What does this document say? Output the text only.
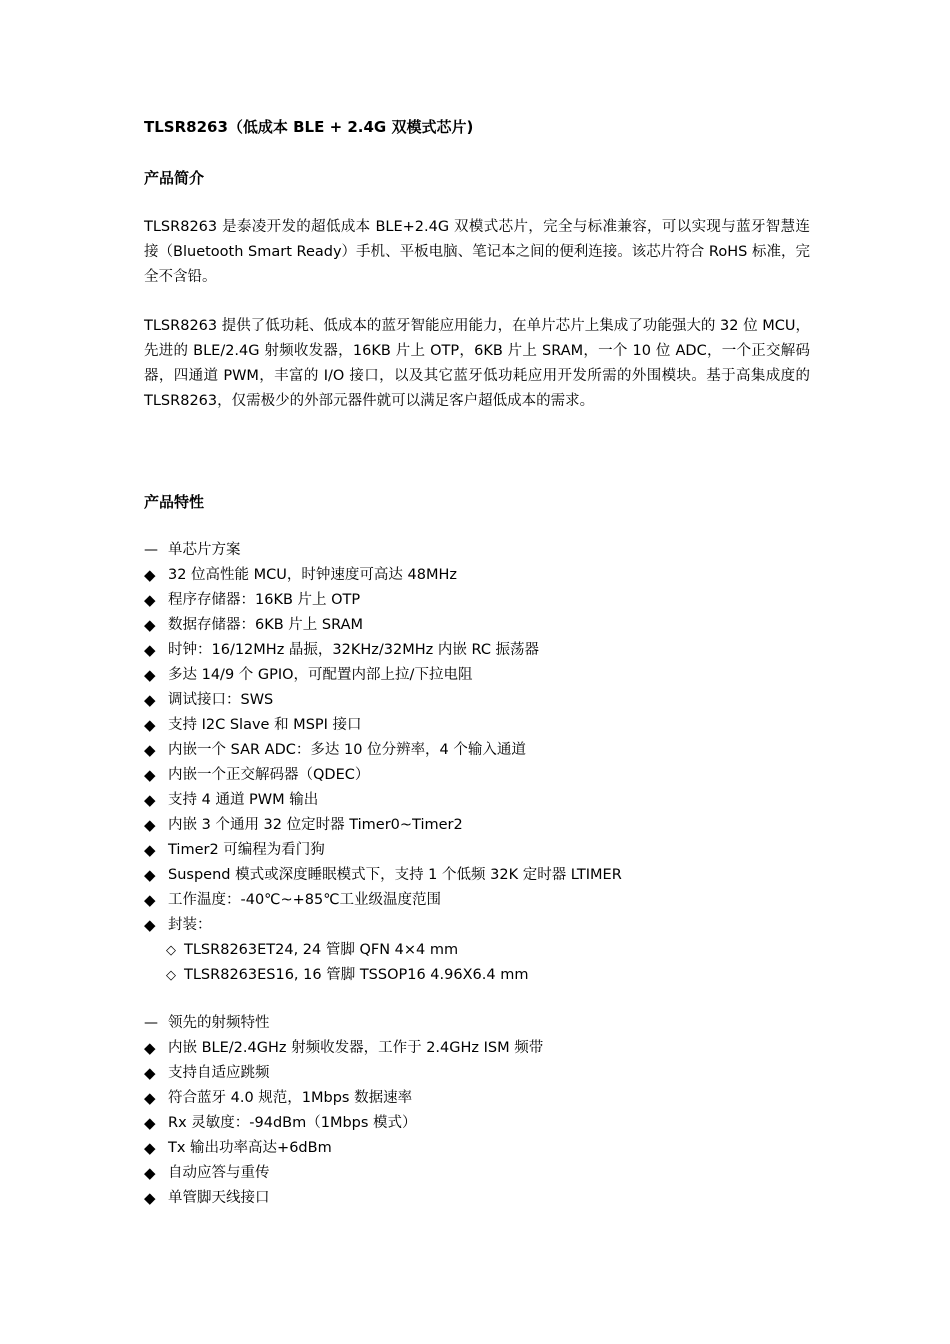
TLSR8263（低成本 BLE + 2.4G 双模式芯片)
产品简介

TLSR8263 是泰凌开发的超低成本 BLE+2.4G 双模式芯片，完全与标准兼容，可以实现与蓝牙智慧连接（Bluetooth Smart Ready）手机、平板电脑、笔记本之间的便利连接。该芯片符合 RoHS 标准，完全不含铅。

TLSR8263 提供了低功耗、低成本的蓝牙智能应用能力，在单片芯片上集成了功能强大的 32 位 MCU，先进的 BLE/2.4G 射频收发器，16KB 片上 OTP，6KB 片上 SRAM，一个 10 位 ADC，一个正交解码器，四通道 PWM，丰富的 I/O 接口，以及其它蓝牙低功耗应用开发所需的外围模块。基于高集成度的 TLSR8263，仅需极少的外部元器件就可以满足客户超低成本的需求。

产品特性
— 单芯片方案
◆ 32 位高性能 MCU，时钟速度可高达 48MHz
◆ 程序存储器：16KB 片上 OTP
◆ 数据存储器：6KB 片上 SRAM
◆ 时钟：16/12MHz 晶振，32KHz/32MHz 内嵌 RC 振荡器
◆ 多达 14/9 个 GPIO，可配置内部上拉/下拉电阻
◆ 调试接口：SWS
◆ 支持 I2C Slave 和 MSPI 接口
◆ 内嵌一个 SAR ADC：多达 10 位分辨率，4 个输入通道
◆ 内嵌一个正交解码器（QDEC）
◆ 支持 4 通道 PWM 输出
◆ 内嵌 3 个通用 32 位定时器 Timer0~Timer2
◆ Timer2 可编程为看门狗
◆ Suspend 模式或深度睡眠模式下，支持 1 个低频 32K 定时器 LTIMER
◆ 工作温度：-40℃~+85℃工业级温度范围
◆ 封装：
◇ TLSR8263ET24, 24 管脚 QFN 4×4 mm
◇ TLSR8263ES16, 16 管脚 TSSOP16 4.96X6.4 mm
— 领先的射频特性
◆ 内嵌 BLE/2.4GHz 射频收发器，工作于 2.4GHz ISM 频带
◆ 支持自适应跳频
◆ 符合蓝牙 4.0 规范，1Mbps 数据速率
◆ Rx 灵敏度：-94dBm（1Mbps 模式）
◆ Tx 输出功率高达+6dBm
◆ 自动应答与重传
◆ 单管脚天线接口
